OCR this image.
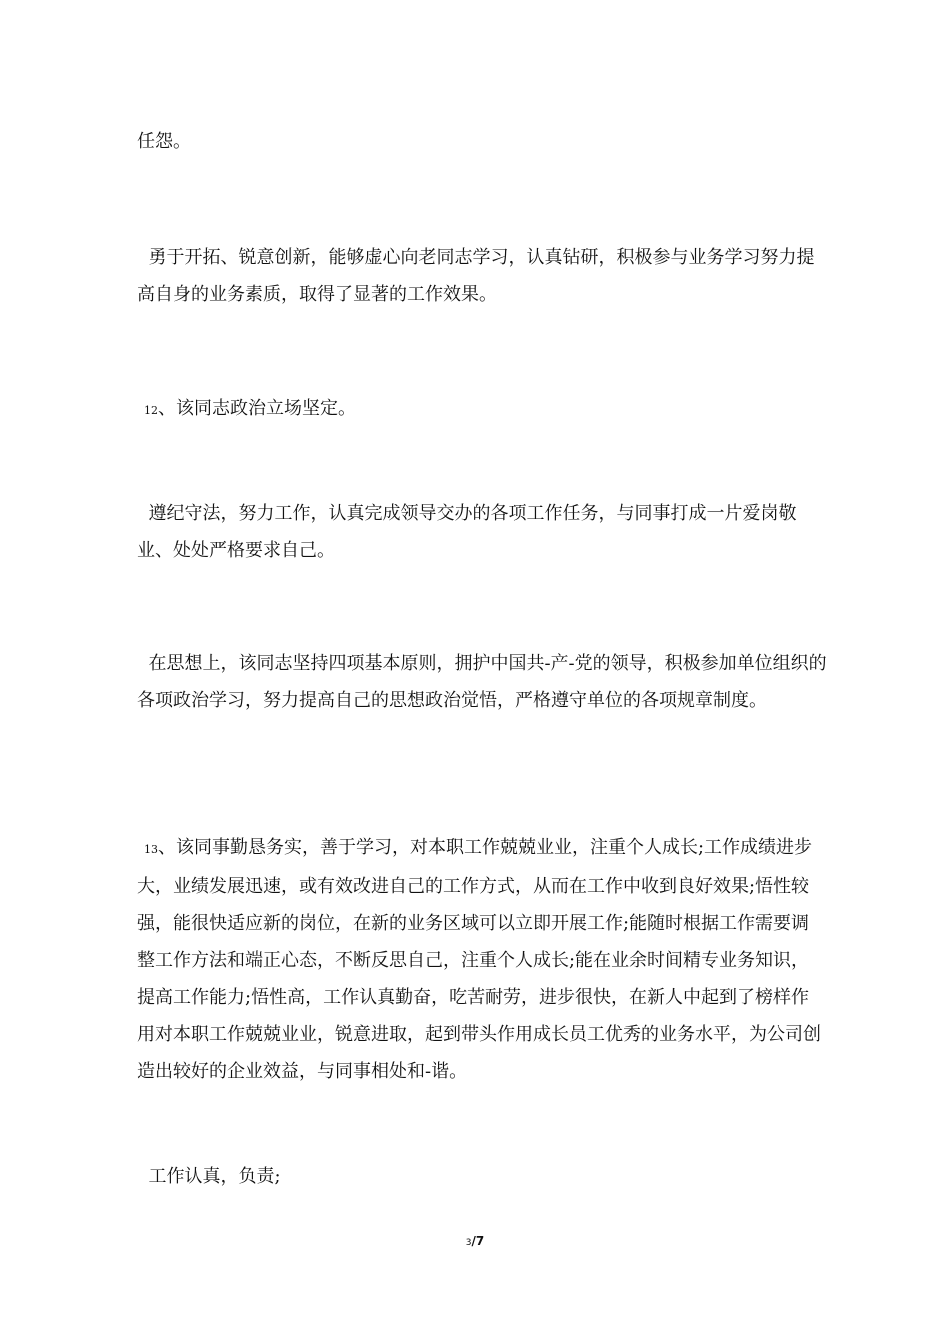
任怨。

勇于开拓、锐意创新，能够虚心向老同志学习，认真钻研，积极参与业务学习努力提高自身的业务素质，取得了显著的工作效果。

12、该同志政治立场坚定。

遵纪守法，努力工作，认真完成领导交办的各项工作任务，与同事打成一片爱岗敬业、处处严格要求自己。

在思想上，该同志坚持四项基本原则，拥护中国共-产-党的领导，积极参加单位组织的各项政治学习，努力提高自己的思想政治觉悟，严格遵守单位的各项规章制度。

13、该同事勤恳务实，善于学习，对本职工作兢兢业业，注重个人成长;工作成绩进步大，业绩发展迅速，或有效改进自己的工作方式，从而在工作中收到良好效果;悟性较强，能很快适应新的岗位，在新的业务区域可以立即开展工作;能随时根据工作需要调整工作方法和端正心态，不断反思自己，注重个人成长;能在业余时间精专业务知识，提高工作能力;悟性高，工作认真勤奋，吃苦耐劳，进步很快，在新人中起到了榜样作用对本职工作兢兢业业，锐意进取，起到带头作用成长员工优秀的业务水平，为公司创造出较好的企业效益，与同事相处和-谐。

工作认真，负责;

3/7
